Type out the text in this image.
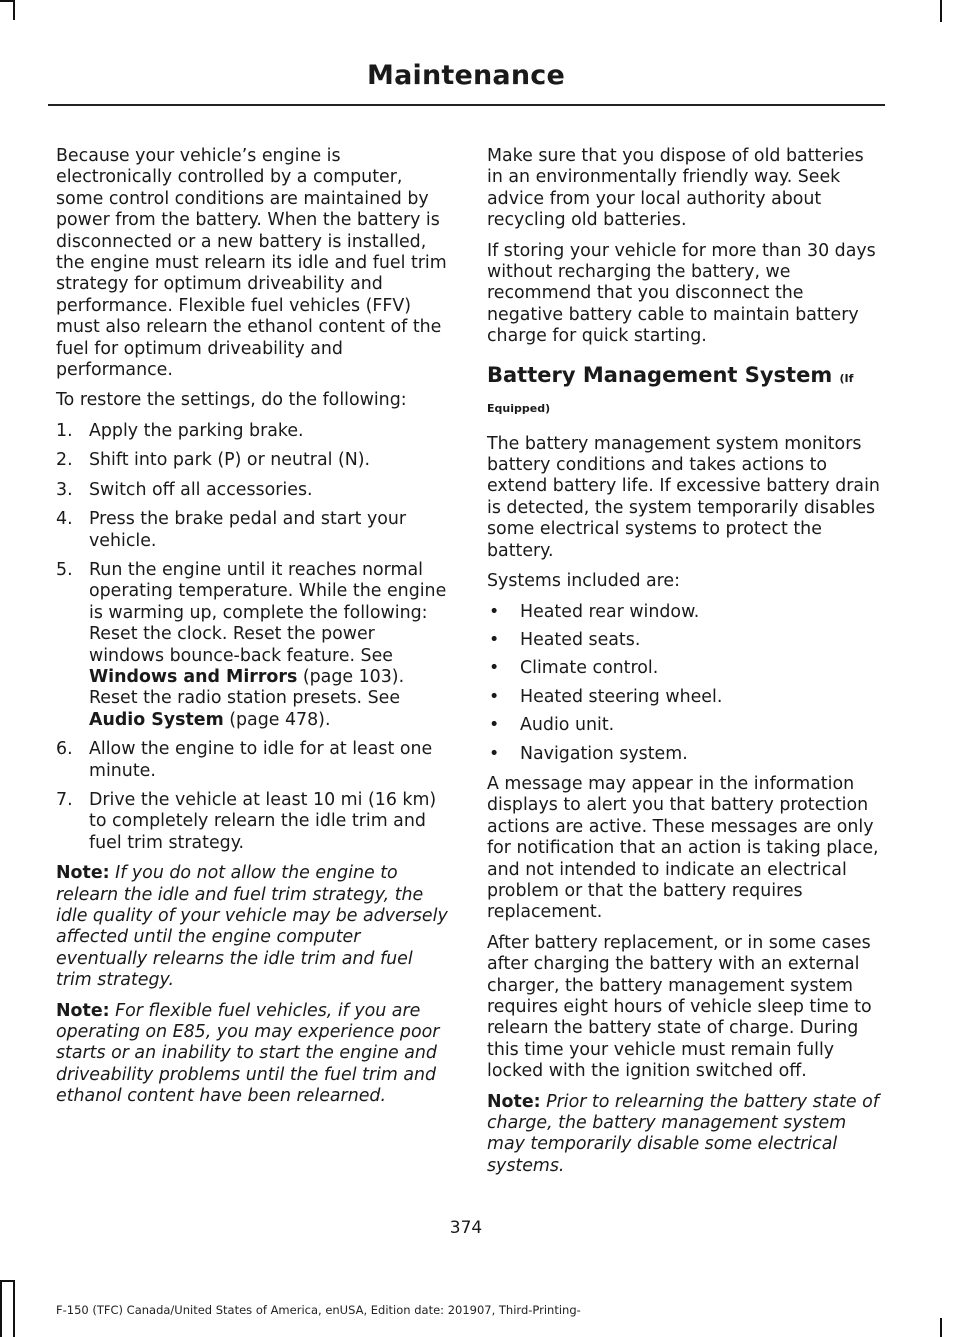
Maintenance

Because your vehicle’s engine is electronically controlled by a computer, some control conditions are maintained by power from the battery. When the battery is disconnected or a new battery is installed, the engine must relearn its idle and fuel trim strategy for optimum driveability and performance. Flexible fuel vehicles (FFV) must also relearn the ethanol content of the fuel for optimum driveability and performance.

To restore the settings, do the following:

1. Apply the parking brake.
2. Shift into park (P) or neutral (N).
3. Switch off all accessories.
4. Press the brake pedal and start your vehicle.
5. Run the engine until it reaches normal operating temperature. While the engine is warming up, complete the following: Reset the clock. Reset the power windows bounce-back feature. See Windows and Mirrors (page 103). Reset the radio station presets. See Audio System (page 478).
6. Allow the engine to idle for at least one minute.
7. Drive the vehicle at least 10 mi (16 km) to completely relearn the idle trim and fuel trim strategy.

Note: If you do not allow the engine to relearn the idle and fuel trim strategy, the idle quality of your vehicle may be adversely affected until the engine computer eventually relearns the idle trim and fuel trim strategy.

Note: For flexible fuel vehicles, if you are operating on E85, you may experience poor starts or an inability to start the engine and driveability problems until the fuel trim and ethanol content have been relearned.

Make sure that you dispose of old batteries in an environmentally friendly way. Seek advice from your local authority about recycling old batteries.

If storing your vehicle for more than 30 days without recharging the battery, we recommend that you disconnect the negative battery cable to maintain battery charge for quick starting.

Battery Management System (If Equipped)

The battery management system monitors battery conditions and takes actions to extend battery life. If excessive battery drain is detected, the system temporarily disables some electrical systems to protect the battery.

Systems included are:

• Heated rear window.
• Heated seats.
• Climate control.
• Heated steering wheel.
• Audio unit.
• Navigation system.

A message may appear in the information displays to alert you that battery protection actions are active. These messages are only for notification that an action is taking place, and not intended to indicate an electrical problem or that the battery requires replacement.

After battery replacement, or in some cases after charging the battery with an external charger, the battery management system requires eight hours of vehicle sleep time to relearn the battery state of charge. During this time your vehicle must remain fully locked with the ignition switched off.

Note: Prior to relearning the battery state of charge, the battery management system may temporarily disable some electrical systems.

374
F-150 (TFC) Canada/United States of America, enUSA, Edition date: 201907, Third-Printing-
